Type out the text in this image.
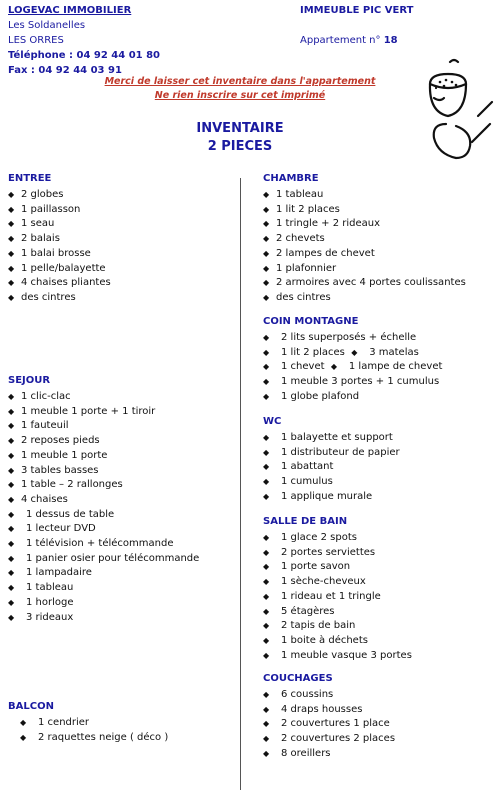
LOGEVAC IMMOBILIER
Les Soldanelles
LES ORRES
Téléphone : 04 92 44 01 80
Fax : 04 92 44 03 91
IMMEUBLE PIC VERT
Appartement n° 18
Merci de laisser cet inventaire dans l'appartement
Ne rien inscrire sur cet imprimé
INVENTAIRE
2 PIECES
ENTREE
◆ 2 globes
◆ 1 paillasson
◆ 1 seau
◆ 2 balais
◆ 1 balai brosse
◆ 1 pelle/balayette
◆ 4 chaises pliantes
◆ des cintres
SEJOUR
◆ 1 clic-clac
◆ 1 meuble 1 porte + 1 tiroir
◆ 1 fauteuil
◆ 2 reposes pieds
◆ 1 meuble 1 porte
◆ 3 tables basses
◆ 1 table – 2 rallonges
◆ 4 chaises
◆ 1 dessus de table
◆ 1 lecteur DVD
◆ 1 télévision + télécommande
◆ 1 panier osier pour télécommande
◆ 1 lampadaire
◆ 1 tableau
◆ 1 horloge
◆ 3 rideaux
BALCON
◆ 1 cendrier
◆ 2 raquettes neige ( déco )
CHAMBRE
◆ 1 tableau
◆ 1 lit 2 places
◆ 1 tringle + 2 rideaux
◆ 2 chevets
◆ 2 lampes de chevet
◆ 1 plafonnier
◆ 2 armoires avec 4 portes coulissantes
◆ des cintres
COIN MONTAGNE
◆ 2 lits superposés + échelle
◆ 1 lit 2 places ◆ 3 matelas
◆ 1 chevet ◆ 1 lampe de chevet
◆ 1 meuble 3 portes + 1 cumulus
◆ 1 globe plafond
WC
◆ 1 balayette et support
◆ 1 distributeur de papier
◆ 1 abattant
◆ 1 cumulus
◆ 1 applique murale
SALLE DE BAIN
◆ 1 glace 2 spots
◆ 2 portes serviettes
◆ 1 porte savon
◆ 1 sèche-cheveux
◆ 1 rideau et 1 tringle
◆ 5 étagères
◆ 2 tapis de bain
◆ 1 boite à déchets
◆ 1 meuble vasque 3 portes
COUCHAGES
◆ 6 coussins
◆ 4 draps housses
◆ 2 couvertures 1 place
◆ 2 couvertures 2 places
◆ 8 oreillers
